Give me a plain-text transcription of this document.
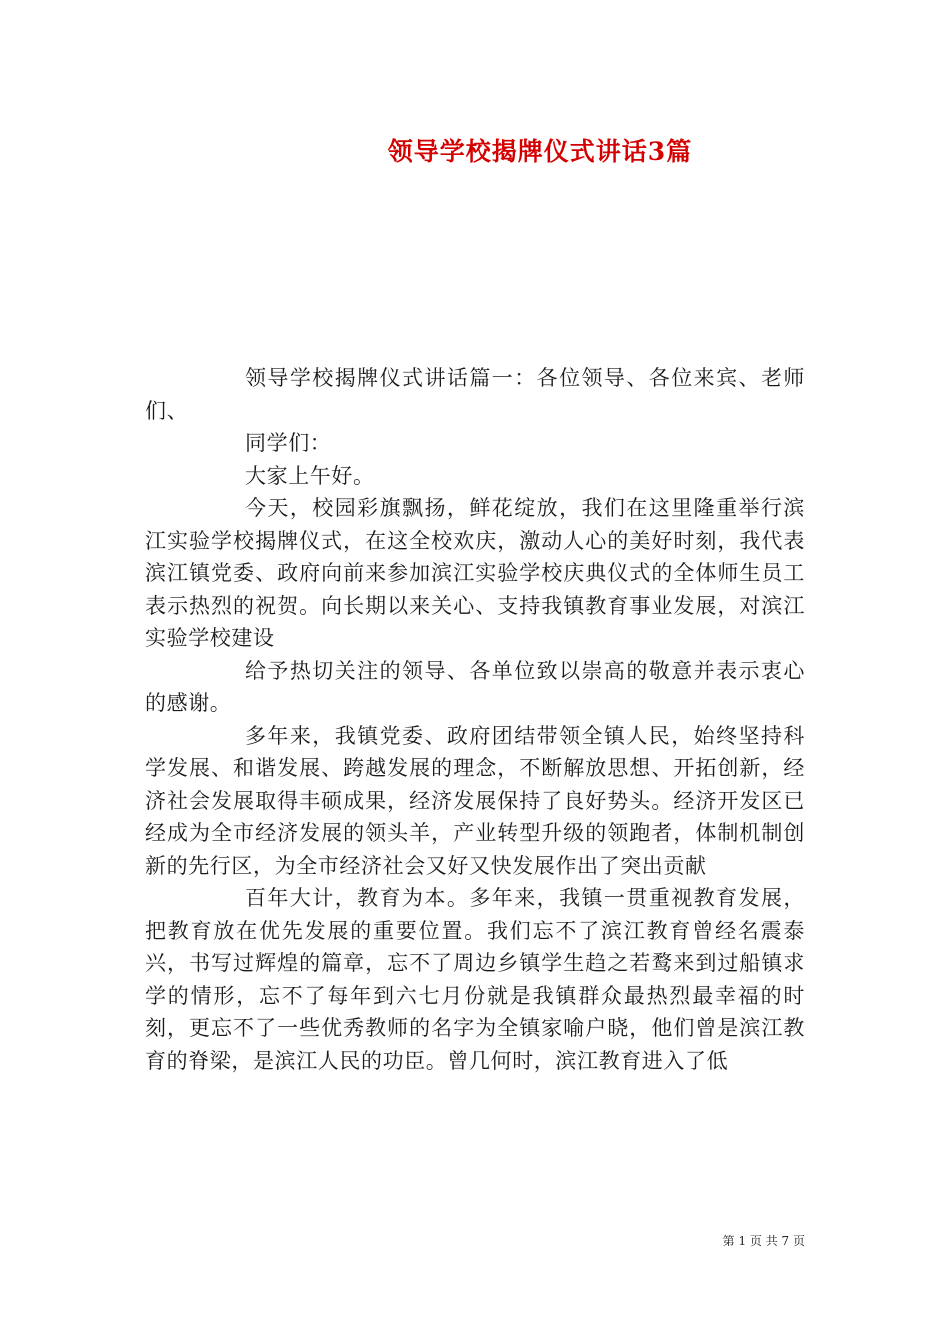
领导学校揭牌仪式讲话3篇

领导学校揭牌仪式讲话篇一：各位领导、各位来宾、老师们、

同学们：

大家上午好。

今天，校园彩旗飘扬，鲜花绽放，我们在这里隆重举行滨江实验学校揭牌仪式，在这全校欢庆，激动人心的美好时刻，我代表滨江镇党委、政府向前来参加滨江实验学校庆典仪式的全体师生员工表示热烈的祝贺。向长期以来关心、支持我镇教育事业发展，对滨江实验学校建设

给予热切关注的领导、各单位致以崇高的敬意并表示衷心的感谢。

多年来，我镇党委、政府团结带领全镇人民，始终坚持科学发展、和谐发展、跨越发展的理念，不断解放思想、开拓创新，经济社会发展取得丰硕成果，经济发展保持了良好势头。经济开发区已经成为全市经济发展的领头羊，产业转型升级的领跑者，体制机制创新的先行区，为全市经济社会又好又快发展作出了突出贡献

百年大计，教育为本。多年来，我镇一贯重视教育发展，把教育放在优先发展的重要位置。我们忘不了滨江教育曾经名震泰兴，书写过辉煌的篇章，忘不了周边乡镇学生趋之若鹜来到过船镇求学的情形，忘不了每年到六七月份就是我镇群众最热烈最幸福的时刻，更忘不了一些优秀教师的名字为全镇家喻户晓，他们曾是滨江教育的脊梁，是滨江人民的功臣。曾几何时，滨江教育进入了低

第 1 页 共 7 页
